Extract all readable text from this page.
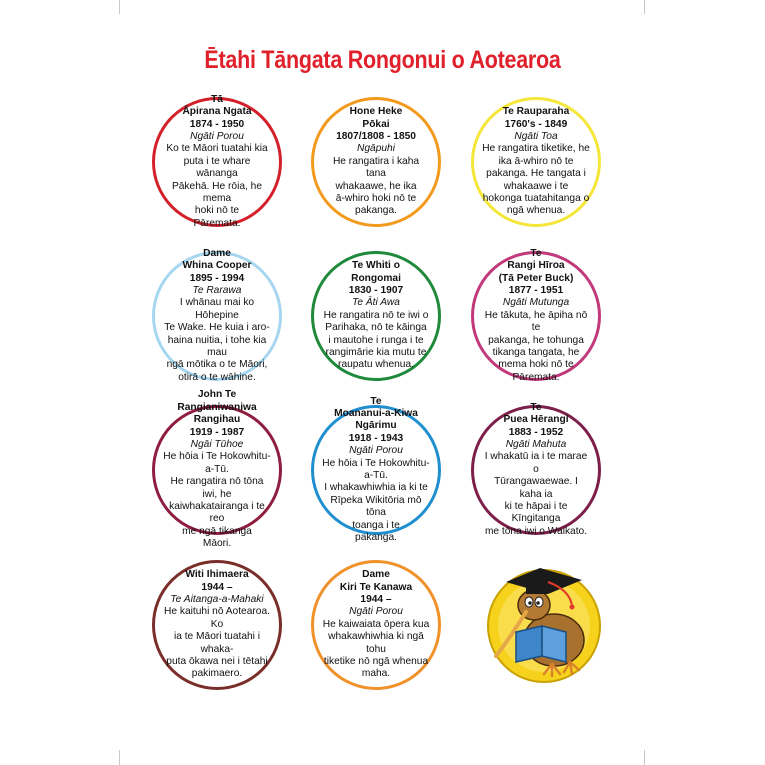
Ētahi Tāngata Rongonui o Aotearoa
Tā
Āpirana Ngata
1874 - 1950
Ngāti Porou
Ko te Māori tuatahi kia
puta i te whare wānanga
Pākehā. He rōia, he mema
hoki nō te
Pāremata.
Hone Heke
Pōkai
1807/1808 - 1850
Ngāpuhi
He rangatira i kaha tana
whakaawe, he ika
ā-whiro hoki nō te
pakanga.
Te Rauparaha
1760's - 1849
Ngāti Toa
He rangatira tiketike, he
ika ā-whiro nō te
pakanga. He tangata i
whakaawe i te
hokonga tuatahitanga o
ngā whenua.
Dame
Whina Cooper
1895 - 1994
Te Rarawa
I whānau mai ko Hōhepine
Te Wake. He kuia i aro-
haina nuitia, i tohe kia mau
ngā mōtika o te Māori,
otirā o te wāhine.
Te Whiti o
Rongomai
1830 - 1907
Te Āti Awa
He rangatira nō te iwi o
Parihaka, nō te kāinga
i mautohe i runga i te
rangimārie kia mutu te
raupatu whenua.
Te
Rangi Hīroa
(Tā Peter Buck)
1877 - 1951
Ngāti Mutunga
He tākuta, he āpiha nō te
pakanga, he tohunga
tikanga tangata, he
mema hoki nō te
Pāremata.
John Te
Rangianiwaniwa
Rangihau
1919 - 1987
Ngāi Tūhoe
He hōia i Te Hokowhitu-a-Tū.
He rangatira nō tōna iwi, he
kaiwhakatairanga i te reo
me ngā tikanga
Māori.
Te
Moananui-a-Kiwa
Ngārimu
1918 - 1943
Ngāti Porou
He hōia i Te Hokowhitu-a-Tū.
I whakawhiwhia ia ki te
Rīpeka Wikitōria mō tōna
toanga i te
pakanga.
Te
Puea Hērangi
1883 - 1952
Ngāti Mahuta
I whakatū ia i te marae o
Tūrangawaewae. I kaha ia
ki te hāpai i te Kīngitanga
me tōna iwi o Waikato.
Witi Ihimaera
1944 –
Te Aitanga-a-Mahaki
He kaituhi nō Aotearoa. Ko
ia te Māori tuatahi i whaka-
puta ōkawa nei i tētahi
pakimaero.
Dame
Kiri Te Kanawa
1944 –
Ngāti Porou
He kaiwaiata ōpera kua
whakawhiwhia ki ngā tohu
tiketike nō ngā whenua
maha.
